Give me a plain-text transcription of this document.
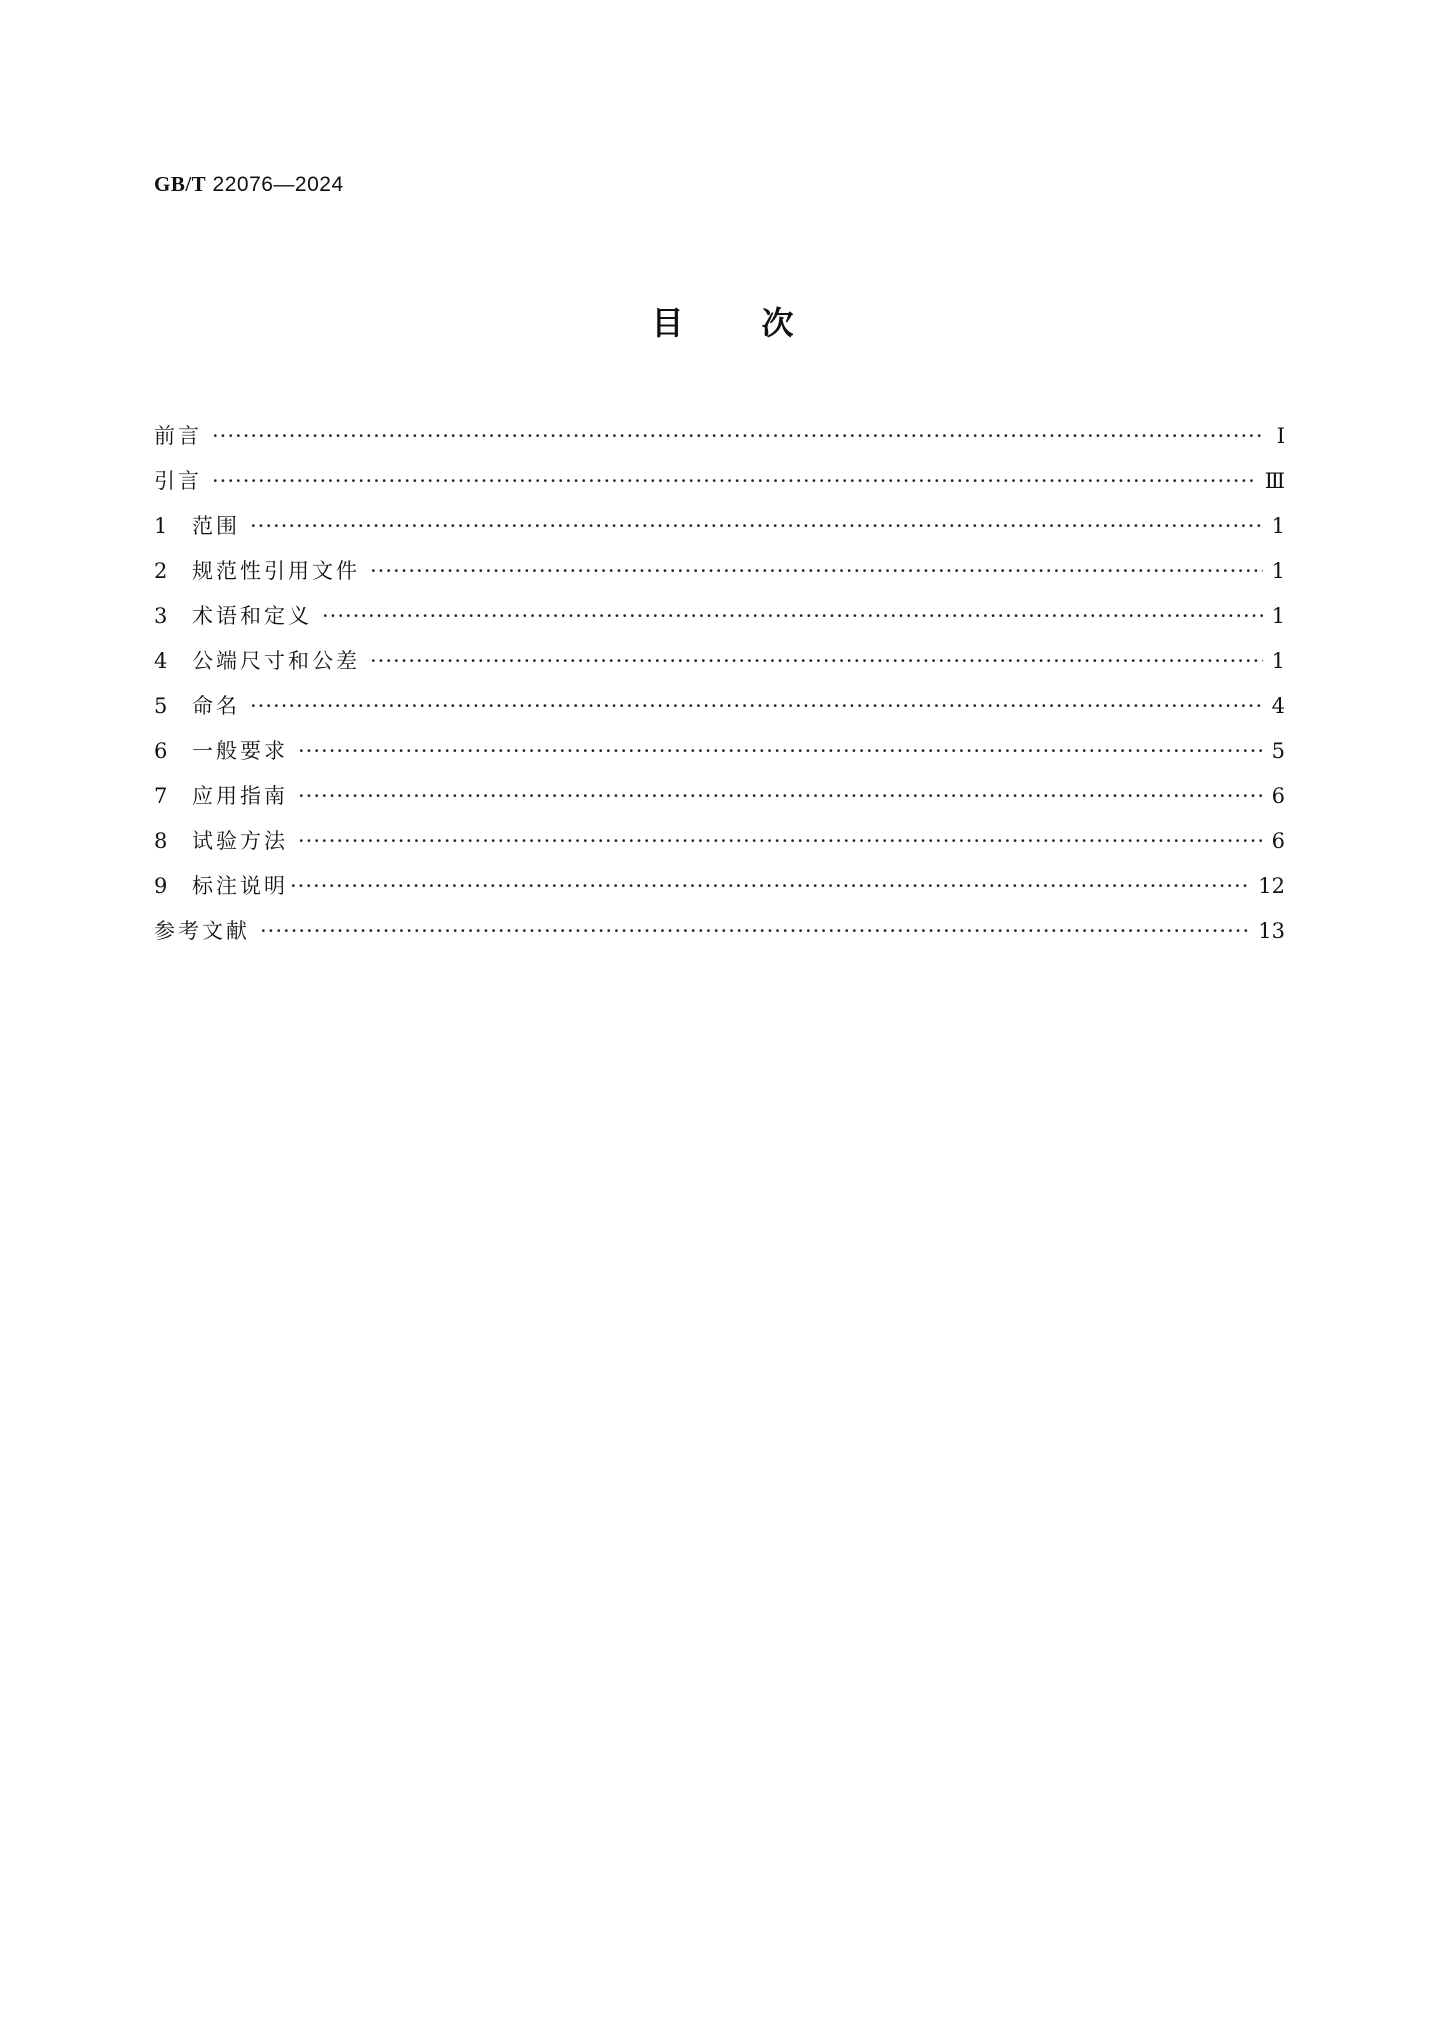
GB/T 22076—2024
目次
前言 ·····	Ⅰ
引言 ·····	Ⅲ
1	范围 ·····	1
2	规范性引用文件 ·····	1
3	术语和定义 ·····	1
4	公端尺寸和公差 ·····	1
5	命名 ·····	4
6	一般要求 ·····	5
7	应用指南 ·····	6
8	试验方法 ·····	6
9	标注说明 ·····	12
参考文献 ·····	13
